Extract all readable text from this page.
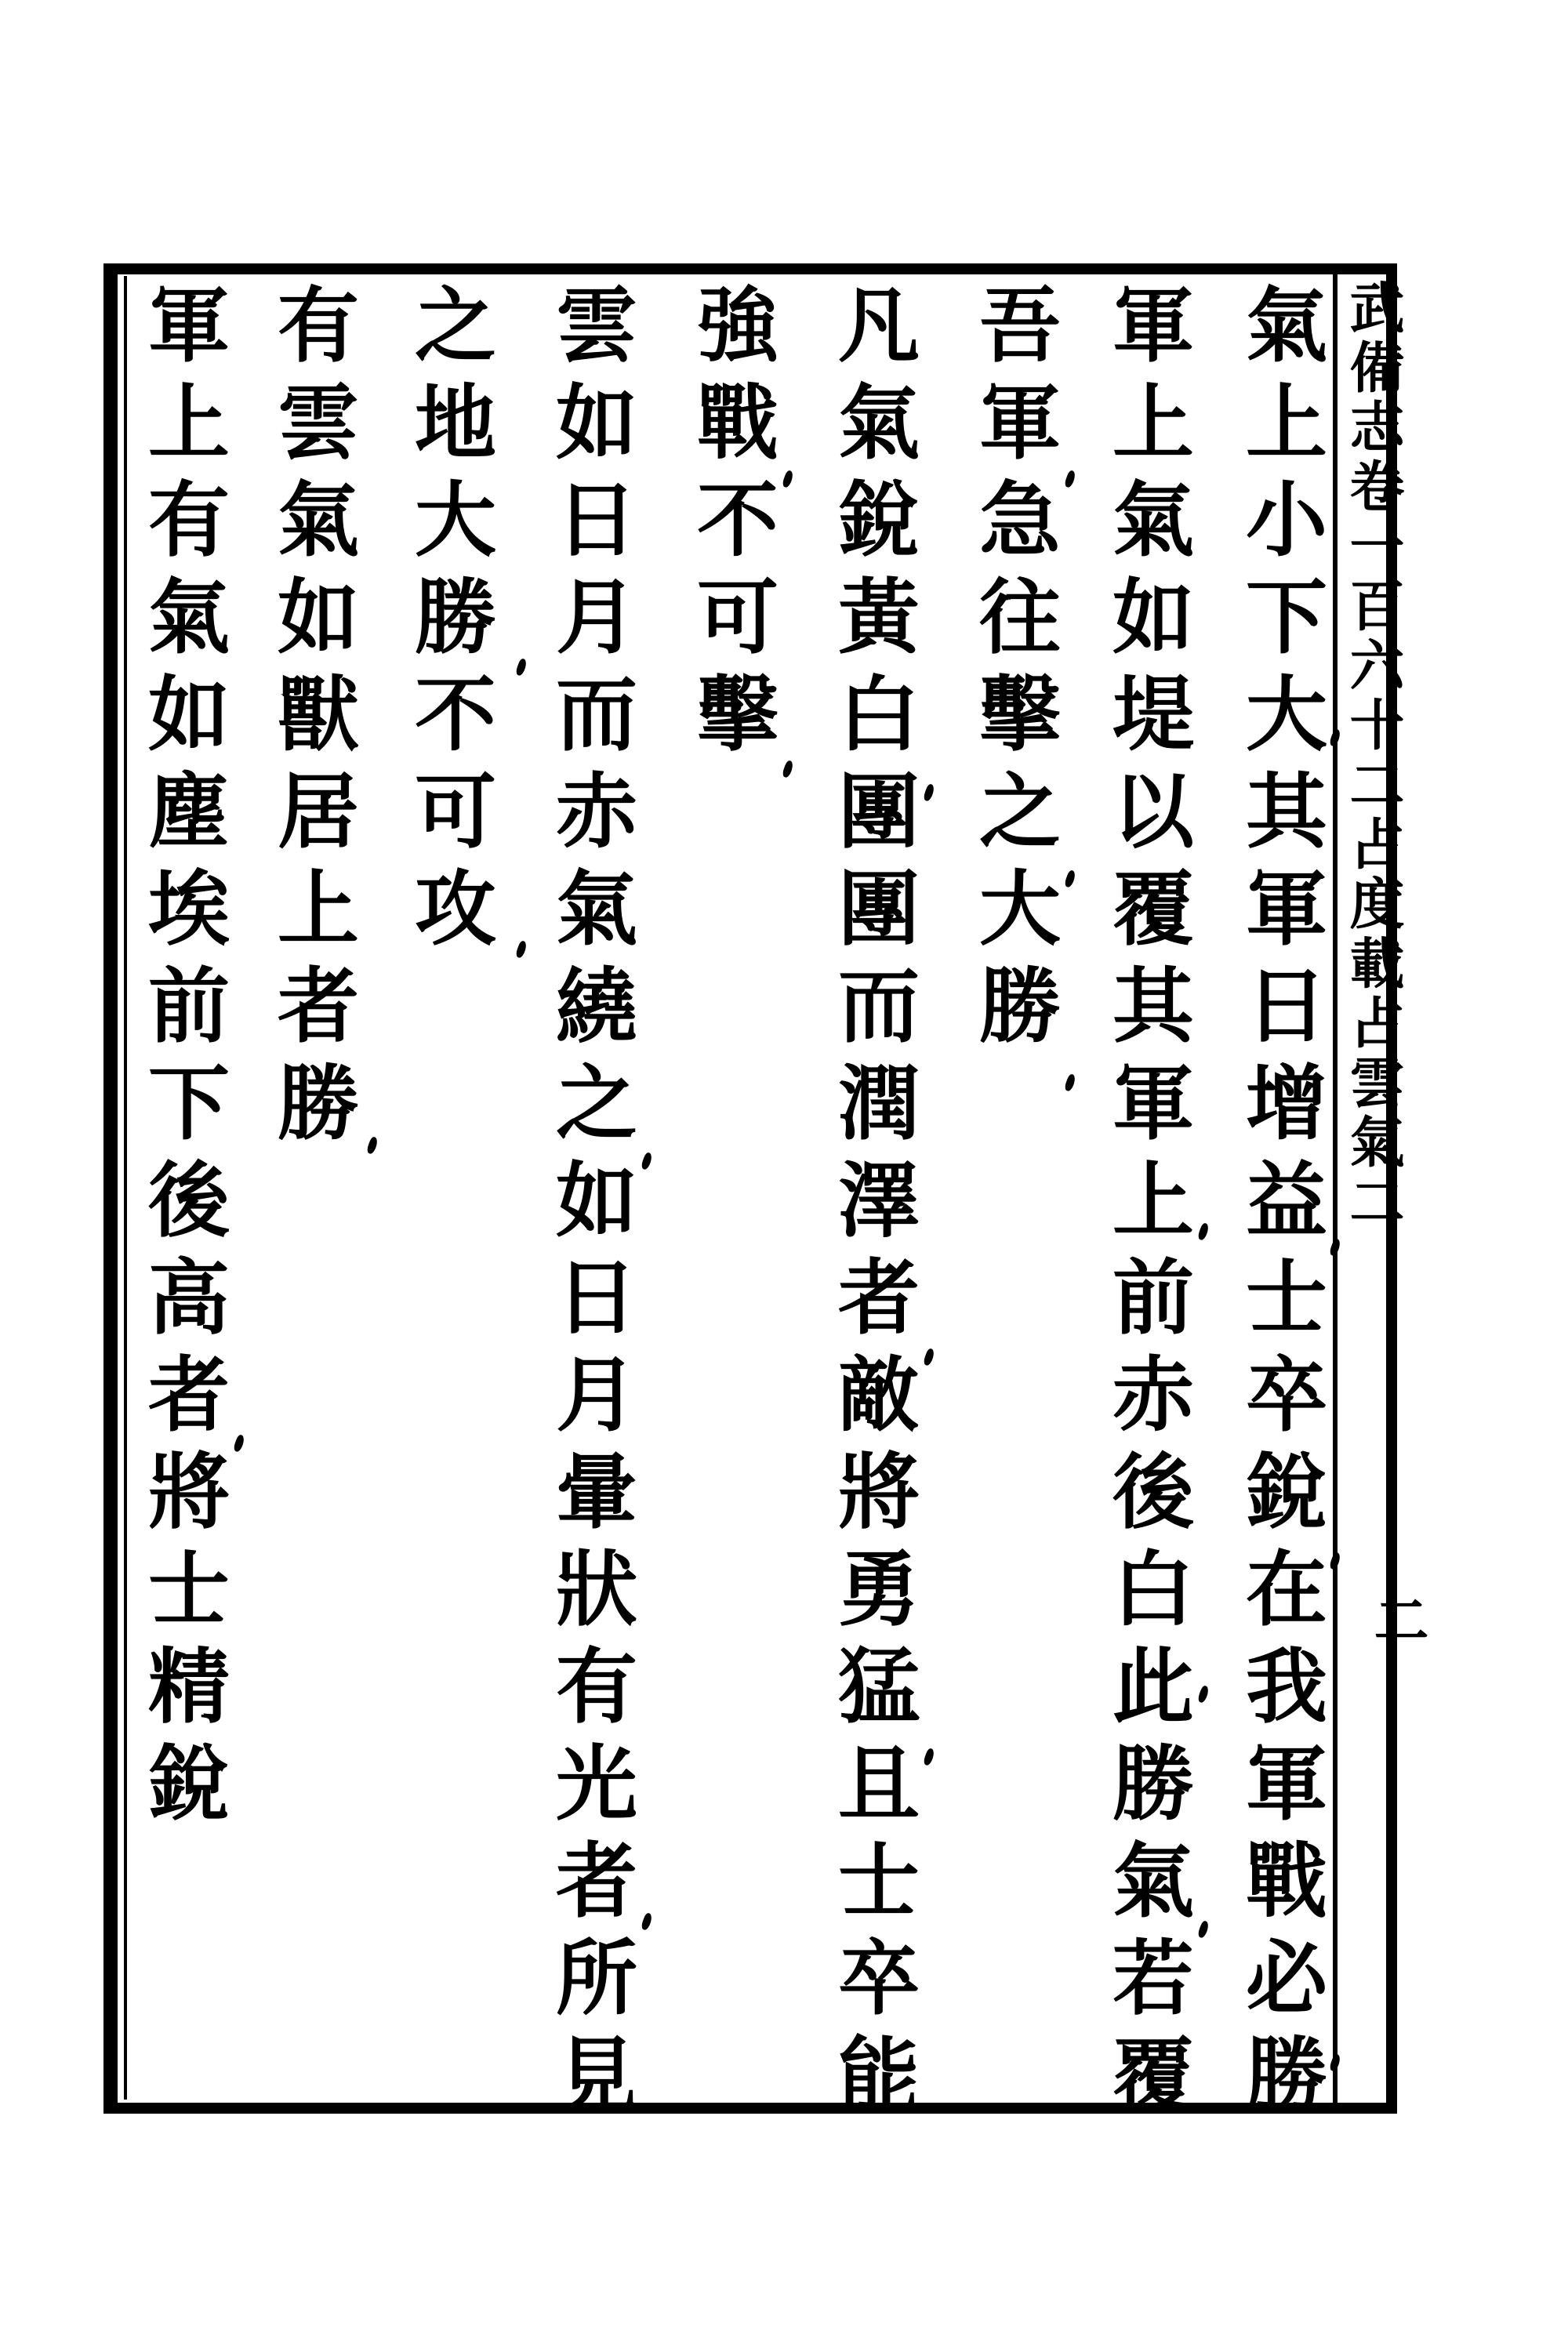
武備志卷一百六十二占度載占雲氣二
二
氣上小下大其軍日增益士卒銳在我軍戰必勝
軍上氣如堤以覆其軍上前赤後白此勝氣若覆
吾軍急往擊之大勝
凡氣銳黃白團團而潤澤者敵將勇猛且士卒能
強戰不可擊
雲如日月而赤氣繞之如日月暈狀有光者所見
之地大勝不可攻
有雲氣如獸居上者勝
軍上有氣如塵埃前下後高者將士精銳
